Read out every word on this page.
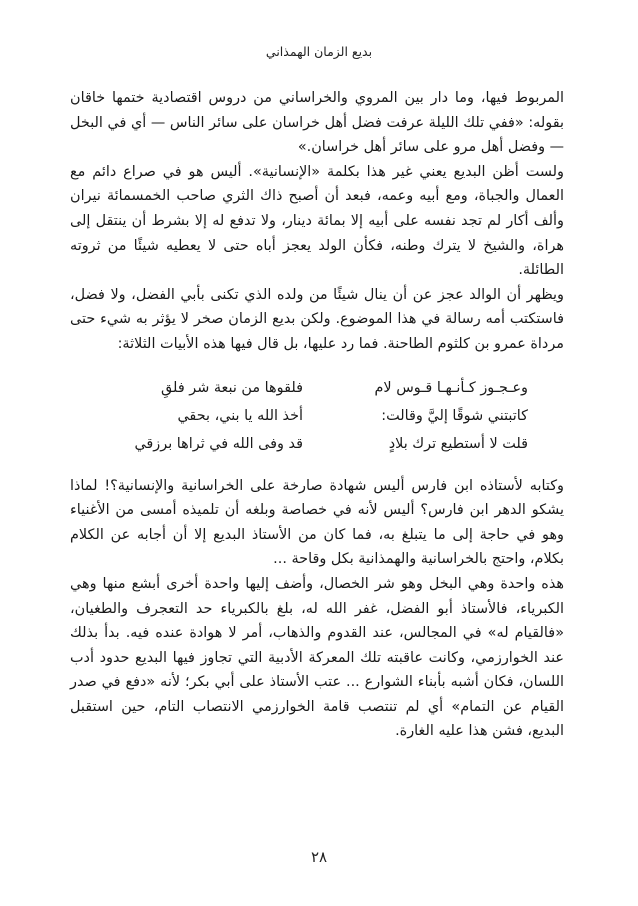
بديع الزمان الهمذاني

المربوط فيها، وما دار بين المروي والخراساني من دروس اقتصادية ختمها خاقان بقوله: «ففي تلك الليلة عرفت فضل أهل خراسان على سائر الناس — أي في البخل — وفضل أهل مرو على سائر أهل خراسان.»

ولست أظن البديع يعني غير هذا بكلمة «الإنسانية». أليس هو في صراع دائم مع العمال والجباة، ومع أبيه وعمه، فبعد أن أصبح ذاك الثري صاحب الخمسمائة نيران وألف أكار لم تجد نفسه على أبيه إلا بمائة دينار، ولا تدفع له إلا بشرط أن ينتقل إلى هراة، والشيخ لا يترك وطنه، فكأن الولد يعجز أباه حتى لا يعطيه شيئًا من ثروته الطائلة.

ويظهر أن الوالد عجز عن أن ينال شيئًا من ولده الذي تكنى بأبي الفضل، ولا فضل، فاستكتب أمه رسالة في هذا الموضوع. ولكن بديع الزمان صخر لا يؤثر به شيء حتى مرداة عمرو بن كلثوم الطاحنة. فما رد عليها، بل قال فيها هذه الأبيات الثلاثة:

وعـجـوز كـأنـهـا قـوس لام
فلقوها من نبعة شر فلقِ
كاتبتني شوقًا إليَّ وقالت:
أخذ الله يا بني، بحقي
قلت لا أستطيع ترك بلادٍ
قد وفى الله في ثراها برزقي

وكتابه لأستاذه ابن فارس أليس شهادة صارخة على الخراسانية والإنسانية؟! لماذا يشكو الدهر ابن فارس؟ أليس لأنه في خصاصة وبلغه أن تلميذه أمسى من الأغنياء وهو في حاجة إلى ما يتبلغ به، فما كان من الأستاذ البديع إلا أن أجابه عن الكلام بكلام، واحتج بالخراسانية والهمذانية بكل وقاحة ...

هذه واحدة وهي البخل وهو شر الخصال، وأضف إليها واحدة أخرى أبشع منها وهي الكبرياء، فالأستاذ أبو الفضل، غفر الله له، بلغ بالكبرياء حد التعجرف والطغيان، «فالقيام له» في المجالس، عند القدوم والذهاب، أمر لا هوادة عنده فيه. بدأ بذلك عند الخوارزمي، وكانت عاقبته تلك المعركة الأدبية التي تجاوز فيها البديع حدود أدب اللسان، فكان أشبه بأبناء الشوارع ... عتب الأستاذ على أبي بكر؛ لأنه «دفع في صدر القيام عن التمام» أي لم تنتصب قامة الخوارزمي الانتصاب التام، حين استقبل البديع، فشن هذا عليه الغارة.

٢٨
